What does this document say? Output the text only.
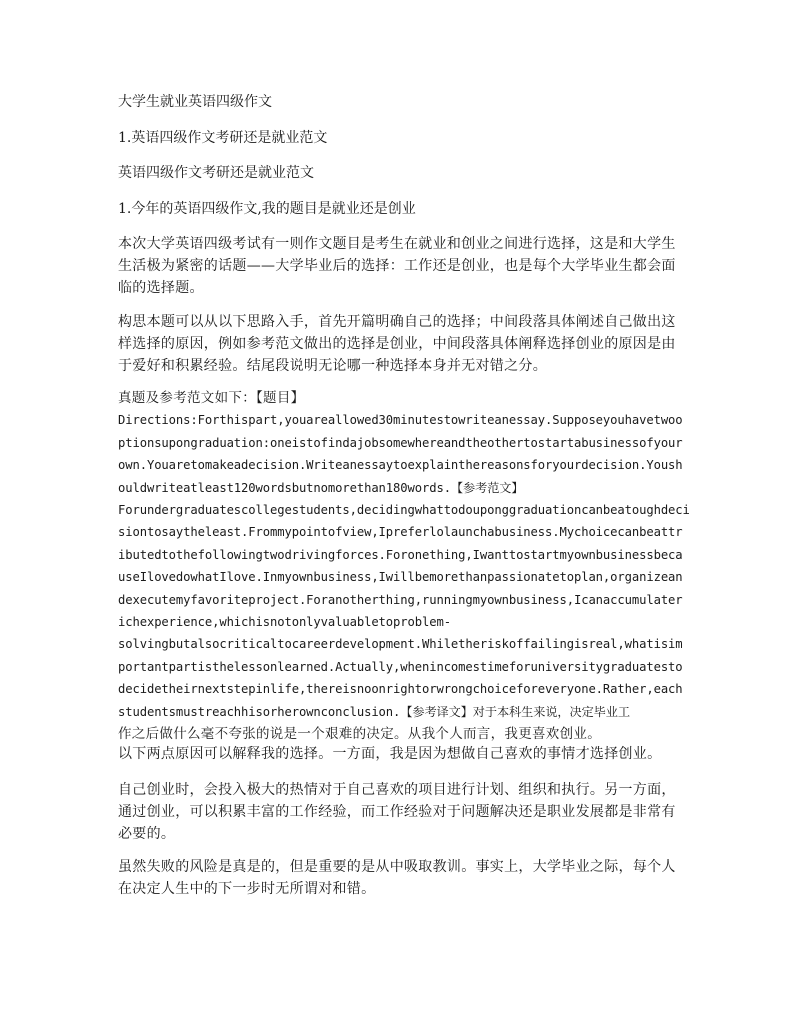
大学生就业英语四级作文
1.英语四级作文考研还是就业范文
英语四级作文考研还是就业范文
1.今年的英语四级作文,我的题目是就业还是创业
本次大学英语四级考试有一则作文题目是考生在就业和创业之间进行选择，这是和大学生生活极为紧密的话题——大学毕业后的选择：工作还是创业，也是每个大学毕业生都会面临的选择题。
构思本题可以从以下思路入手，首先开篇明确自己的选择；中间段落具体阐述自己做出这样选择的原因，例如参考范文做出的选择是创业，中间段落具体阐释选择创业的原因是由于爱好和积累经验。结尾段说明无论哪一种选择本身并无对错之分。
真题及参考范文如下：【题目】
Directions:Forthispart,youareallowed30minutestowriteanessay.Supposeyouhavetwoo
ptionsupongraduation:oneistofindajobsomewhereandtheothertostartabusinessofyour
own.Youaretomakeadecision.Writeanessaytoexplainthereasonsforyourdecision.Yoush
ouldwriteatleast120wordsbutnomorethan180words.【参考范文】
Forundergraduatescollegestudents,decidingwhattodouponggraduationcanbeatoughdeci
siontosaytheleast.Frommypointofview,Ipreferlolaunchabusiness.Mychoicecanbeattr
ibutedtothefollowingtwodrivingforces.Foronething,Iwanttostartmyownbusinessbeca
useIlovedowhatIlove.Inmyownbusiness,Iwillbemorethanpassionatetoplan,organizean
dexecutemyfavoriteproject.Foranotherthing,runningmyownbusiness,Icanaccumulater
ichexperience,whichisnotonlyvaluabletoproblem-
solvingbutalsocriticaltocareerdevelopment.Whiletheriskoffailingisreal,whatisim
portantpartisthelessonlearned.Actually,whenincomestimeforuniversitygraduatesto
decidetheirnextstepinlife,thereisnoonrightorwrongchoiceforeveryone.Rather,each
studentsmustreachhisorherownconclusion.【参考译文】对于本科生来说，决定毕业工
作之后做什么毫不夸张的说是一个艰难的决定。从我个人而言，我更喜欢创业。
以下两点原因可以解释我的选择。一方面，我是因为想做自己喜欢的事情才选择创业。
自己创业时，会投入极大的热情对于自己喜欢的项目进行计划、组织和执行。另一方面，通过创业，可以积累丰富的工作经验，而工作经验对于问题解决还是职业发展都是非常有必要的。
虽然失败的风险是真是的，但是重要的是从中吸取教训。事实上，大学毕业之际，每个人在决定人生中的下一步时无所谓对和错。
